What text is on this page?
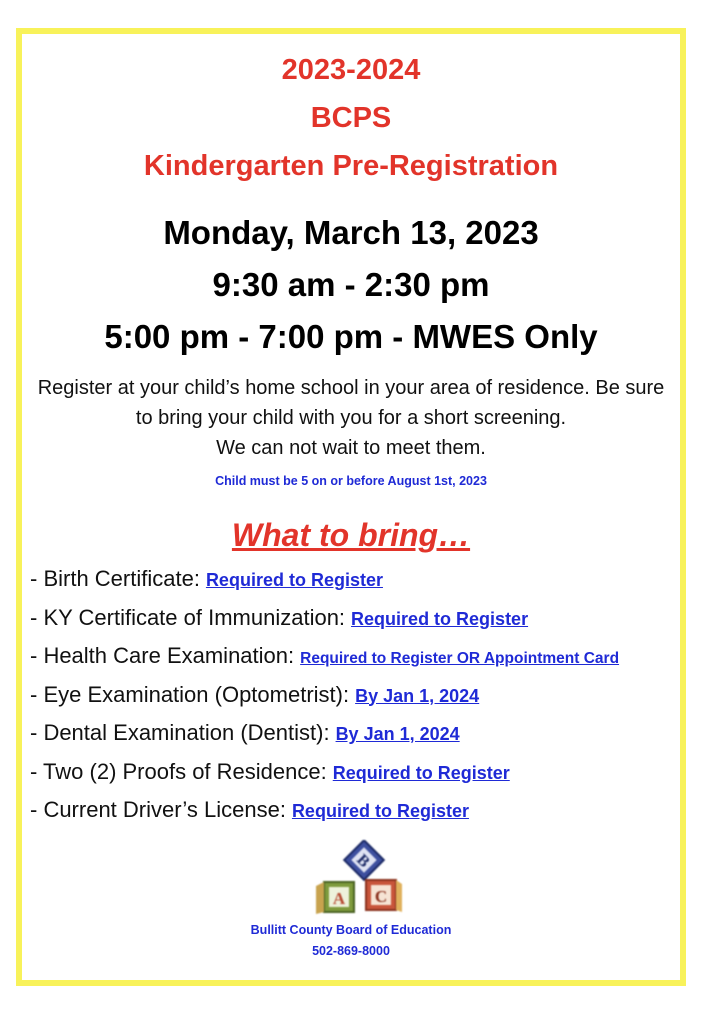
2023-2024
BCPS
Kindergarten Pre-Registration
Monday, March 13, 2023
9:30 am - 2:30 pm
5:00 pm - 7:00 pm - MWES Only
Register at your child’s home school in your area of residence. Be sure
to bring your child with you for a short screening.
We can not wait to meet them.
Child must be 5 on or before August 1st, 2023
What to bring…
- Birth Certificate: Required to Register
- KY Certificate of Immunization: Required to Register
- Health Care Examination: Required to Register OR Appointment Card
- Eye Examination (Optometrist): By Jan 1, 2024
- Dental Examination (Dentist): By Jan 1, 2024
- Two (2) Proofs of Residence: Required to Register
- Current Driver’s License: Required to Register
B
A C
Bullitt County Board of Education
502-869-8000
